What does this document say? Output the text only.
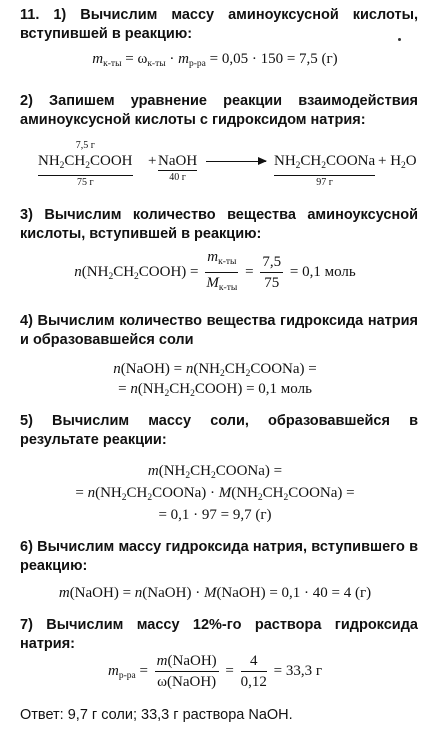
11. 1) Вычислим массу аминоуксусной кислоты, вступившей в реакцию:

$m_{к-ты} = \omega_{к-ты} \cdot m_{р-ра} = 0,05 \cdot 150 = 7,5$ (г)

2) Запишем уравнение реакции взаимодействия аминоуксусной кислоты с гидроксидом натрия:

7,5 г
$NH_2CH_2COOH$
75 г
+ NaOH
40 г
→ $NH_2CH_2COONa$
97 г
+ $H_2O$

3) Вычислим количество вещества аминоуксусной кислоты, вступившей в реакцию:

$n(NH_2CH_2COOH) = \frac{m_{к-ты}}{M_{к-ты}} = \frac{7,5}{75} = 0,1$ моль

4) Вычислим количество вещества гидроксида натрия и образовавшейся соли

n(NaOH) = $n(NH_2CH_2COONa)$ =
= $n(NH_2CH_2COOH) = 0,1$ моль

5) Вычислим массу соли, образовавшейся в результате реакции:

$m(NH_2CH_2COONa)$ =
= $n(NH_2CH_2COONa)$ · $M(NH_2CH_2COONa)$ =
= 0,1 · 97 = 9,7 (г)

6) Вычислим массу гидроксида натрия, вступившего в реакцию:

m(NaOH) = n(NaOH) · M(NaOH) = 0,1 · 40 = 4 (г)

7) Вычислим массу 12%-го раствора гидроксида натрия:

$m_{р-ра} = \frac{\text{m(NaOH)}}{\text{ω(NaOH)}} = \frac{4}{0,12} = 33,3$ г

Ответ: 9,7 г соли; 33,3 г раствора NaOH.
